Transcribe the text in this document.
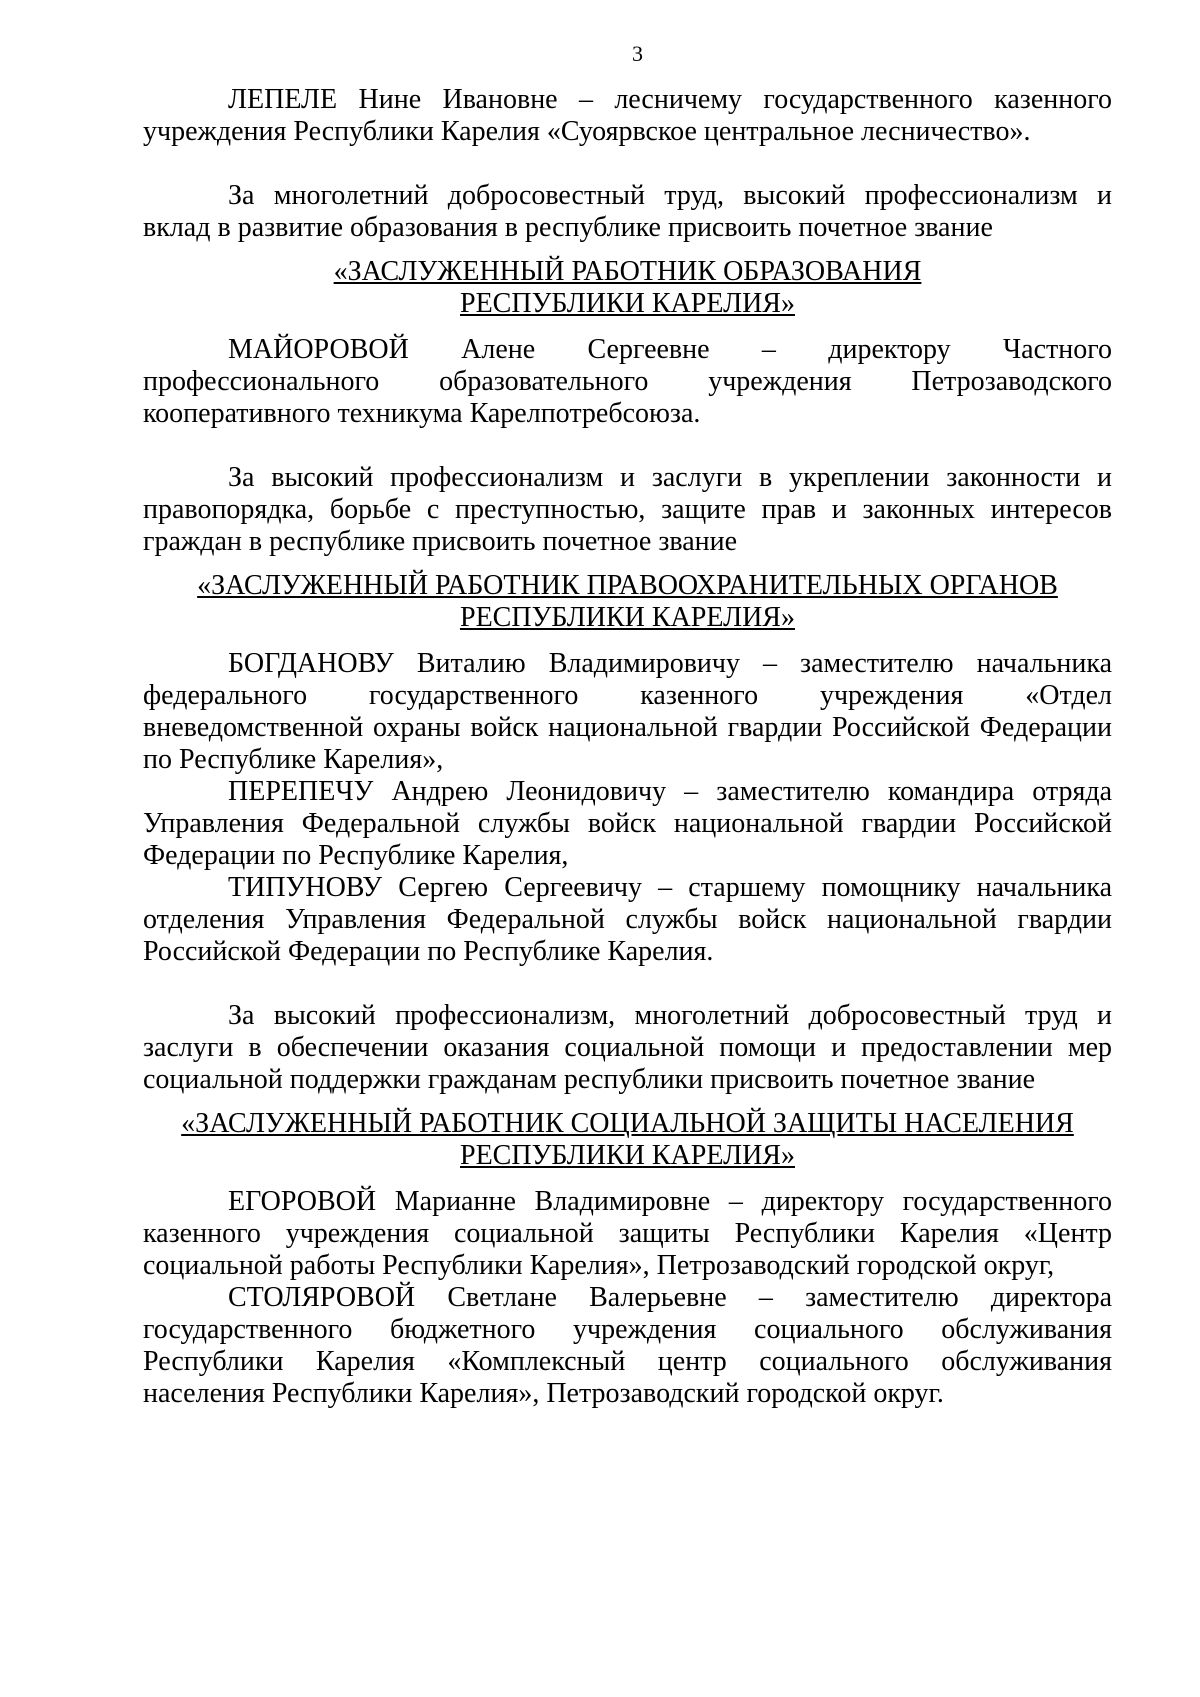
3

ЛЕПЕЛЕ Нине Ивановне – лесничему государственного казенного учреждения Республики Карелия «Суоярвское центральное лесничество».

За многолетний добросовестный труд, высокий профессионализм и вклад в развитие образования в республике присвоить почетное звание

«ЗАСЛУЖЕННЫЙ РАБОТНИК ОБРАЗОВАНИЯ
РЕСПУБЛИКИ КАРЕЛИЯ»

МАЙОРОВОЙ Алене Сергеевне – директору Частного профессионального образовательного учреждения Петрозаводского кооперативного техникума Карелпотребсоюза.

За высокий профессионализм и заслуги в укреплении законности и правопорядка, борьбе с преступностью, защите прав и законных интересов граждан в республике присвоить почетное звание

«ЗАСЛУЖЕННЫЙ РАБОТНИК ПРАВООХРАНИТЕЛЬНЫХ ОРГАНОВ
РЕСПУБЛИКИ КАРЕЛИЯ»

БОГДАНОВУ Виталию Владимировичу – заместителю начальника федерального государственного казенного учреждения «Отдел вневедомственной охраны войск национальной гвардии Российской Федерации по Республике Карелия»,

ПЕРЕПЕЧУ Андрею Леонидовичу – заместителю командира отряда Управления Федеральной службы войск национальной гвардии Российской Федерации по Республике Карелия,

ТИПУНОВУ Сергею Сергеевичу – старшему помощнику начальника отделения Управления Федеральной службы войск национальной гвардии Российской Федерации по Республике Карелия.

За высокий профессионализм, многолетний добросовестный труд и заслуги в обеспечении оказания социальной помощи и предоставлении мер социальной поддержки гражданам республики присвоить почетное звание

«ЗАСЛУЖЕННЫЙ РАБОТНИК СОЦИАЛЬНОЙ ЗАЩИТЫ НАСЕЛЕНИЯ
РЕСПУБЛИКИ КАРЕЛИЯ»

ЕГОРОВОЙ Марианне Владимировне – директору государственного казенного учреждения социальной защиты Республики Карелия «Центр социальной работы Республики Карелия», Петрозаводский городской округ,

СТОЛЯРОВОЙ Светлане Валерьевне – заместителю директора государственного бюджетного учреждения социального обслуживания Республики Карелия «Комплексный центр социального обслуживания населения Республики Карелия», Петрозаводский городской округ.
